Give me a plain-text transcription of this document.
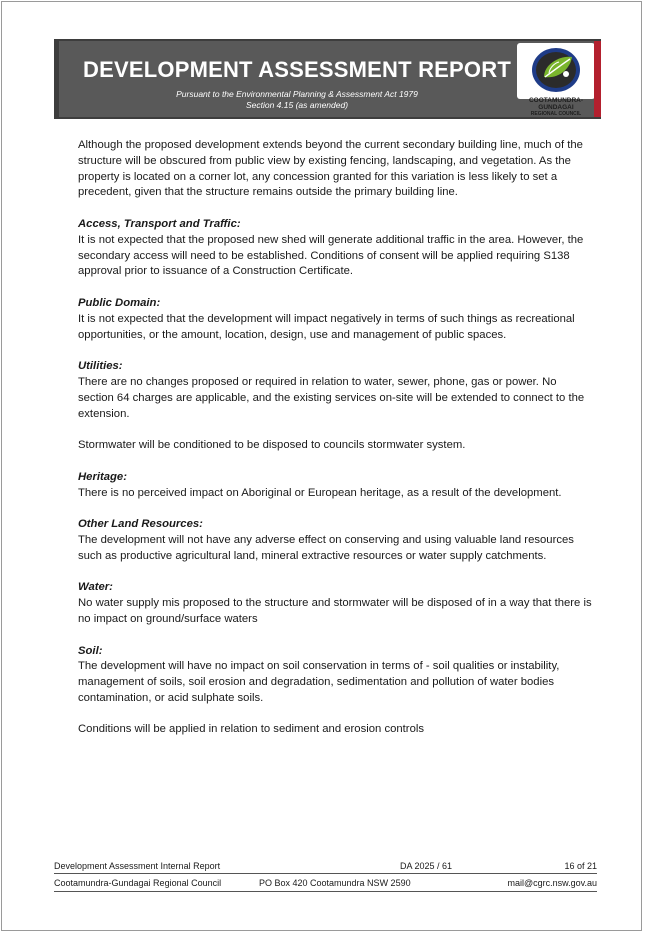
DEVELOPMENT ASSESSMENT REPORT
Pursuant to the Environmental Planning & Assessment Act 1979
Section 4.15 (as amended)	COOTAMUNDRA-GUNDAGAI
REGIONAL COUNCIL

Although the proposed development extends beyond the current secondary building line, much of the structure will be obscured from public view by existing fencing, landscaping, and vegetation. As the property is located on a corner lot, any concession granted for this variation is less likely to set a precedent, given that the structure remains outside the primary building line.

Access, Transport and Traffic:

It is not expected that the proposed new shed will generate additional traffic in the area. However, the secondary access will need to be established. Conditions of consent will be applied requiring S138 approval prior to issuance of a Construction Certificate.

Public Domain:

It is not expected that the development will impact negatively in terms of such things as recreational opportunities, or the amount, location, design, use and management of public spaces.

Utilities:

There are no changes proposed or required in relation to water, sewer, phone, gas or power. No section 64 charges are applicable, and the existing services on-site will be extended to connect to the extension.

Stormwater will be conditioned to be disposed to councils stormwater system.

Heritage:

There is no perceived impact on Aboriginal or European heritage, as a result of the development.

Other Land Resources:

The development will not have any adverse effect on conserving and using valuable land resources such as productive agricultural land, mineral extractive resources or water supply catchments.

Water:

No water supply mis proposed to the structure and stormwater will be disposed of in a way that there is no impact on ground/surface waters

Soil:

The development will have no impact on soil conservation in terms of - soil qualities or instability, management of soils, soil erosion and degradation, sedimentation and pollution of water bodies contamination, or acid sulphate soils.

Conditions will be applied in relation to sediment and erosion controls

Development Assessment Internal Report	DA 2025 / 61	16 of 21
Cootamundra-Gundagai Regional Council	PO Box 420 Cootamundra NSW 2590	mail@cgrc.nsw.gov.au
